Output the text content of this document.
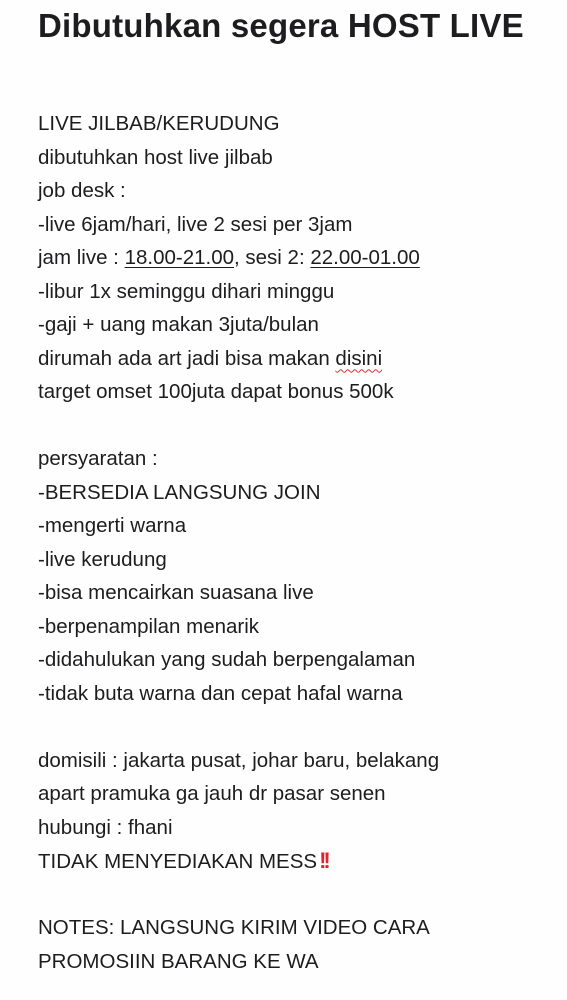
Dibutuhkan segera HOST LIVE
LIVE JILBAB/KERUDUNG
dibutuhkan host live jilbab
job desk :
-live 6jam/hari, live 2 sesi per 3jam
jam live : 18.00-21.00, sesi 2: 22.00-01.00
-libur 1x seminggu dihari minggu
-gaji + uang makan 3juta/bulan
dirumah ada art jadi bisa makan disini
target omset 100juta dapat bonus 500k
persyaratan :
-BERSEDIA LANGSUNG JOIN
-mengerti warna
-live kerudung
-bisa mencairkan suasana live
-berpenampilan menarik
-didahulukan yang sudah berpengalaman
-tidak buta warna dan cepat hafal warna
domisili : jakarta pusat, johar baru, belakang
apart pramuka ga jauh dr pasar senen
hubungi : fhani
TIDAK MENYEDIAKAN MESS!!
NOTES: LANGSUNG KIRIM VIDEO CARA
PROMOSIIN BARANG KE WA
